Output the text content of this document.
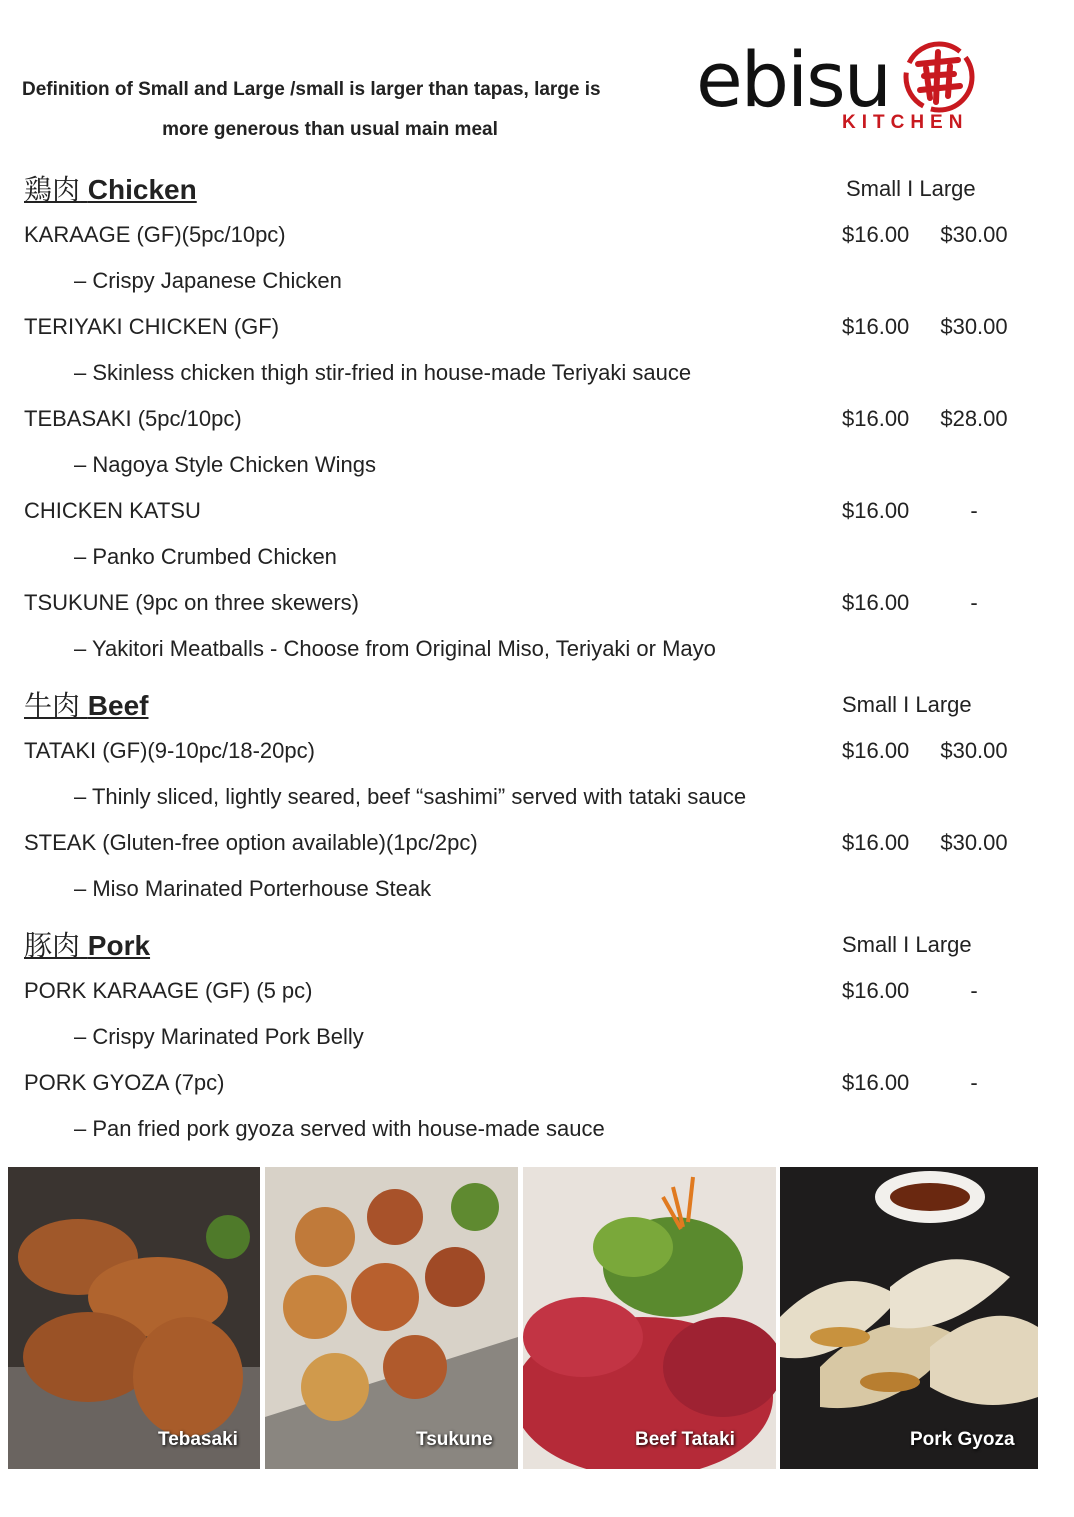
Definition of Small and Large /small is larger than tapas, large is
more generous than usual main meal
ebisu
KITCHEN
鶏肉 Chicken	Small I Large
KARAAGE (GF)(5pc/10pc)	$16.00 $30.00
– Crispy Japanese Chicken
TERIYAKI CHICKEN (GF)	$16.00 $30.00
– Skinless chicken thigh stir-fried in house-made Teriyaki sauce
TEBASAKI (5pc/10pc)	$16.00 $28.00
– Nagoya Style Chicken Wings
CHICKEN KATSU	$16.00	-
– Panko Crumbed Chicken
TSUKUNE (9pc on three skewers)	$16.00	-
– Yakitori Meatballs - Choose from Original Miso, Teriyaki or Mayo
牛肉 Beef	Small I Large
TATAKI (GF)(9-10pc/18-20pc)	$16.00 $30.00
– Thinly sliced, lightly seared, beef “sashimi” served with tataki sauce
STEAK (Gluten-free option available)(1pc/2pc)	$16.00 $30.00
– Miso Marinated Porterhouse Steak
豚肉 Pork	Small I Large
PORK KARAAGE (GF) (5 pc)	$16.00	-
– Crispy Marinated Pork Belly
PORK GYOZA (7pc)	$16.00	-
– Pan fried pork gyoza served with house-made sauce
Tebasaki	Tsukune	Beef Tataki	Pork Gyoza
